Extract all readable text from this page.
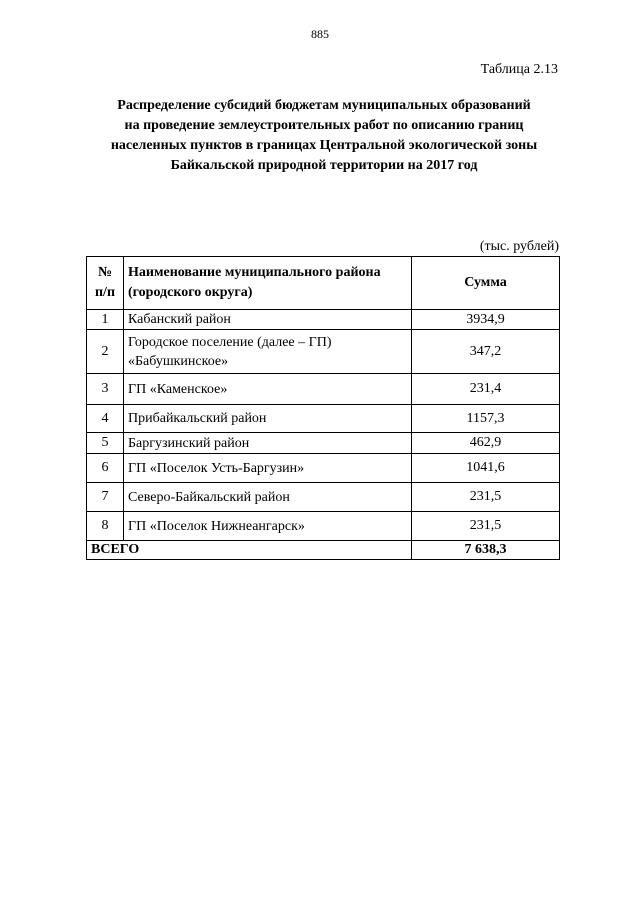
885
Таблица 2.13
Распределение субсидий бюджетам муниципальных образований
на проведение землеустроительных работ по описанию границ
населенных пунктов в границах Центральной экологической зоны
Байкальской природной территории на 2017 год
(тыс. рублей)
№ п/п	Наименование муниципального района (городского округа)	Сумма
1	Кабанский район	3934,9
2	Городское поселение (далее – ГП) «Бабушкинское»	347,2
3	ГП «Каменское»	231,4
4	Прибайкальский район	1157,3
5	Баргузинский район	462,9
6	ГП «Поселок Усть-Баргузин»	1041,6
7	Северо-Байкальский район	231,5
8	ГП «Поселок Нижнеангарск»	231,5
ВСЕГО		7 638,3
